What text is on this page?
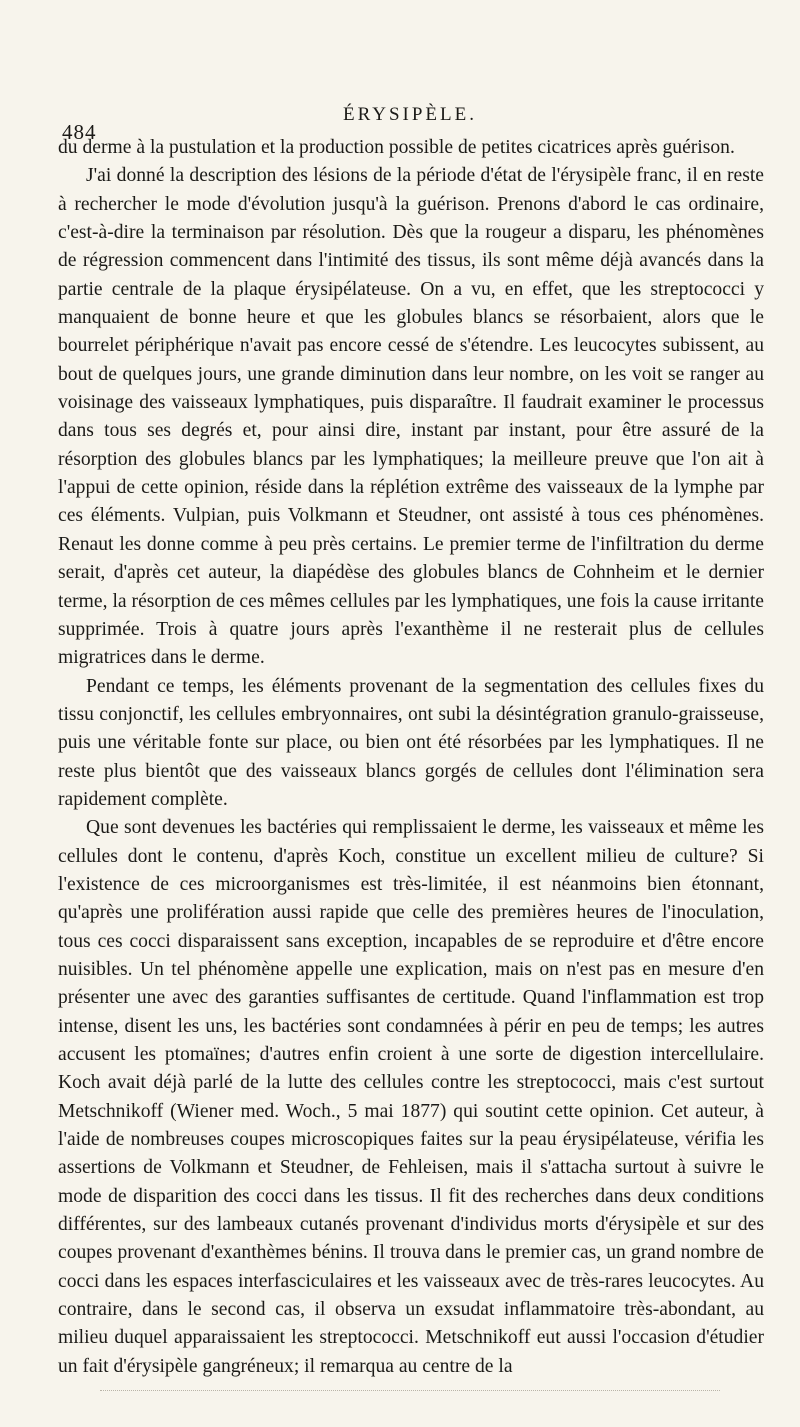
484
ÉRYSIPÈLE.

du derme à la pustulation et la production possible de petites cicatrices après guérison.

J'ai donné la description des lésions de la période d'état de l'érysipèle franc, il en reste à rechercher le mode d'évolution jusqu'à la guérison. Prenons d'abord le cas ordinaire, c'est-à-dire la terminaison par résolution. Dès que la rougeur a disparu, les phénomènes de régression commencent dans l'intimité des tissus, ils sont même déjà avancés dans la partie centrale de la plaque érysipélateuse. On a vu, en effet, que les streptococci y manquaient de bonne heure et que les globules blancs se résorbaient, alors que le bourrelet périphérique n'avait pas encore cessé de s'étendre. Les leucocytes subissent, au bout de quelques jours, une grande diminution dans leur nombre, on les voit se ranger au voisinage des vaisseaux lymphatiques, puis disparaître. Il faudrait examiner le processus dans tous ses degrés et, pour ainsi dire, instant par instant, pour être assuré de la résorption des globules blancs par les lymphatiques; la meilleure preuve que l'on ait à l'appui de cette opinion, réside dans la réplétion extrême des vaisseaux de la lymphe par ces éléments. Vulpian, puis Volkmann et Steudner, ont assisté à tous ces phénomènes. Renaut les donne comme à peu près certains. Le premier terme de l'infiltration du derme serait, d'après cet auteur, la diapédèse des globules blancs de Cohnheim et le dernier terme, la résorption de ces mêmes cellules par les lymphatiques, une fois la cause irritante supprimée. Trois à quatre jours après l'exanthème il ne resterait plus de cellules migratrices dans le derme.

Pendant ce temps, les éléments provenant de la segmentation des cellules fixes du tissu conjonctif, les cellules embryonnaires, ont subi la désintégration granulo-graisseuse, puis une véritable fonte sur place, ou bien ont été résorbées par les lymphatiques. Il ne reste plus bientôt que des vaisseaux blancs gorgés de cellules dont l'élimination sera rapidement complète.

Que sont devenues les bactéries qui remplissaient le derme, les vaisseaux et même les cellules dont le contenu, d'après Koch, constitue un excellent milieu de culture? Si l'existence de ces microorganismes est très-limitée, il est néanmoins bien étonnant, qu'après une prolifération aussi rapide que celle des premières heures de l'inoculation, tous ces cocci disparaissent sans exception, incapables de se reproduire et d'être encore nuisibles. Un tel phénomène appelle une explication, mais on n'est pas en mesure d'en présenter une avec des garanties suffisantes de certitude. Quand l'inflammation est trop intense, disent les uns, les bactéries sont condamnées à périr en peu de temps; les autres accusent les ptomaïnes; d'autres enfin croient à une sorte de digestion intercellulaire. Koch avait déjà parlé de la lutte des cellules contre les streptococci, mais c'est surtout Metschnikoff (Wiener med. Woch., 5 mai 1877) qui soutint cette opinion. Cet auteur, à l'aide de nombreuses coupes microscopiques faites sur la peau érysipélateuse, vérifia les assertions de Volkmann et Steudner, de Fehleisen, mais il s'attacha surtout à suivre le mode de disparition des cocci dans les tissus. Il fit des recherches dans deux conditions différentes, sur des lambeaux cutanés provenant d'individus morts d'érysipèle et sur des coupes provenant d'exanthèmes bénins. Il trouva dans le premier cas, un grand nombre de cocci dans les espaces interfasciculaires et les vaisseaux avec de très-rares leucocytes. Au contraire, dans le second cas, il observa un exsudat inflammatoire très-abondant, au milieu duquel apparaissaient les streptococci. Metschnikoff eut aussi l'occasion d'étudier un fait d'érysipèle gangréneux; il remarqua au centre de la
